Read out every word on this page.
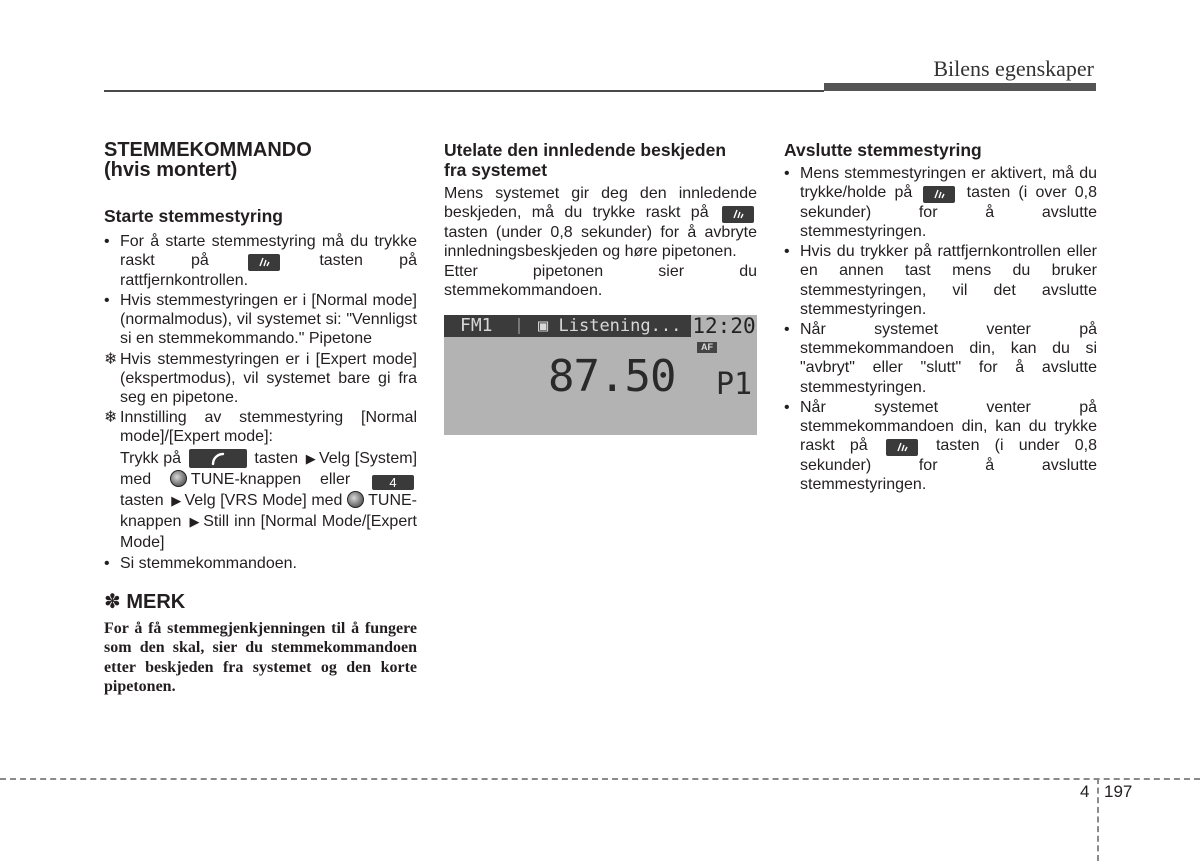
Bilens egenskaper
STEMMEKOMMANDO
(hvis montert)
Starte stemmestyring
• For å starte stemmestyring må du trykke raskt på	tasten på rattfjernkontrollen.
• Hvis stemmestyringen er i [Normal mode] (normalmodus), vil systemet si: "Vennligst si en stemmekommando." Pipetone
❄ Hvis stemmestyringen er i [Expert mode] (ekspertmodus), vil systemet bare gi fra seg en pipetone.
❄ Innstilling av stemmestyring [Normal mode]/[Expert mode]:
Trykk på	tasten ▶ Velg [System] med TUNE-knappen eller	4 tasten ▶ Velg [VRS Mode] med TUNE-knappen ▶ Still inn [Normal Mode/[Expert Mode]
• Si stemmekommandoen.
✽ MERK
For å få stemmegjenkjenningen til å fungere som den skal, sier du stemmekommandoen etter beskjeden fra systemet og den korte pipetonen.
Utelate den innledende beskjeden
fra systemet
Mens systemet gir deg den innledende beskjeden, må du trykke raskt på
tasten (under 0,8 sekunder) for å avbryte innledningsbeskjeden og høre pipetonen.
Etter pipetonen sier du stemmekommandoen.
FM1	▣ Listening... 12:20
AF
87.50 P1
Avslutte stemmestyring
• Mens stemmestyringen er aktivert, må du trykke/holde på	tasten (i over 0,8 sekunder) for å avslutte stemmestyringen.
• Hvis du trykker på rattfjernkontrollen eller en annen tast mens du bruker stemmestyringen, vil det avslutte stemmestyringen.
• Når systemet venter på stemmekommandoen din, kan du si "avbryt" eller "slutt" for å avslutte stemmestyringen.
• Når systemet venter på stemmekommandoen din, kan du trykke raskt på	tasten (i under 0,8 sekunder) for å avslutte stemmestyringen.
4 197
